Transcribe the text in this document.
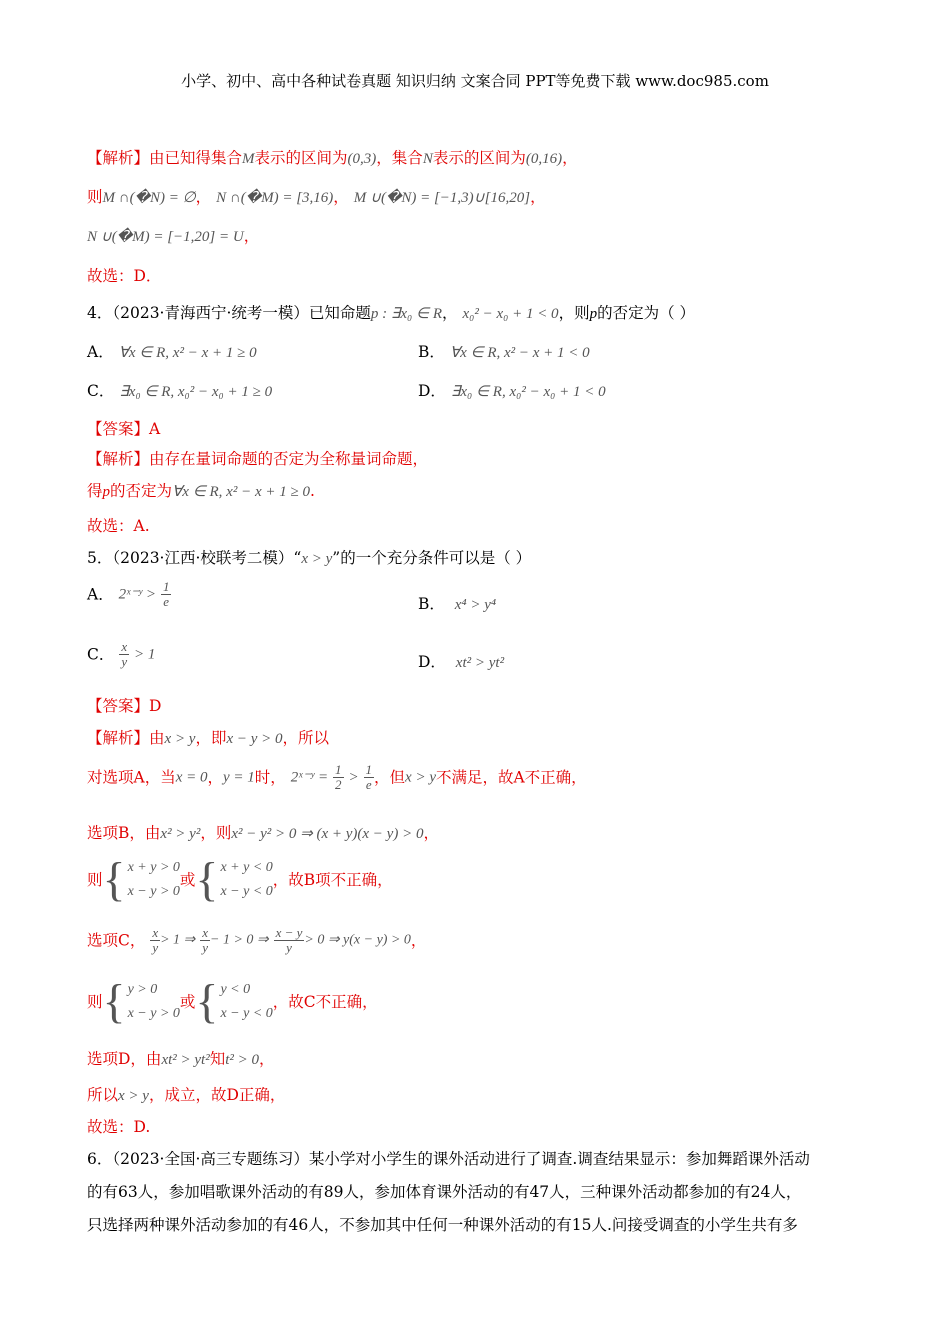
小学、初中、高中各种试卷真题 知识归纳 文案合同 PPT等免费下载 www.doc985.com
【解析】由已知得集合M表示的区间为(0,3)，集合N表示的区间为(0,16)，
则M ∩(�N) = ∅， N ∩(�M) = [3,16)， M ∪(�N) = [−1,3)∪[16,20]，
N ∪(�M) = [−1,20] = U，
故选：D．
4．（2023·青海西宁·统考一模）已知命题p : ∃x₀ ∈ R， x₀² − x₀ + 1 < 0，则p的否定为（ ）
A． ∀x ∈ R, x² − x + 1 ≥ 0	B． ∀x ∈ R, x² − x + 1 < 0
C． ∃x₀ ∈ R, x₀² − x₀ + 1 ≥ 0	D． ∃x₀ ∈ R, x₀² − x₀ + 1 < 0
【答案】A
【解析】由存在量词命题的否定为全称量词命题，
得p的否定为∀x ∈ R, x² − x + 1 ≥ 0.
故选：A.
5．（2023·江西·校联考二模）“x > y”的一个充分条件可以是（ ）
A． 2ˣ⁻ʸ > $\frac{1}{e}$	B． x⁴ > y⁴
C． $\frac{x}{y} > 1$	D． xt² > yt²
【答案】D
【解析】由x > y，即x − y > 0，所以
对选项A，当x = 0，y = 1时， 2ˣ⁻ʸ = $\frac{1}{2} > \frac{1}{e}$ ，但x > y不满足，故A不正确，
选项B，由x² > y²，则x² − y² > 0 ⇒ (x + y)(x − y) > 0，
则{ x + y > 0
x − y > 0
或{ x + y < 0
x − y < 0
，故B项不正确，
选项C， $\frac{x}{y} > 1$ ⇒ $\frac{x}{y} - 1 > 0$ ⇒ $\frac{x - y}{y} > 0$ ⇒ y(x − y) > 0，
则{ y > 0
x − y > 0
或{ y < 0
x − y < 0
，故C不正确，
选项D，由xt² > yt²知t² > 0，
所以x > y，成立，故D正确，
故选：D.
6．（2023·全国·高三专题练习）某小学对小学生的课外活动进行了调查.调查结果显示：参加舞蹈课外活动
的有63人，参加唱歌课外活动的有89人，参加体育课外活动的有47人，三种课外活动都参加的有24人，
只选择两种课外活动参加的有46人，不参加其中任何一种课外活动的有15人.问接受调查的小学生共有多
